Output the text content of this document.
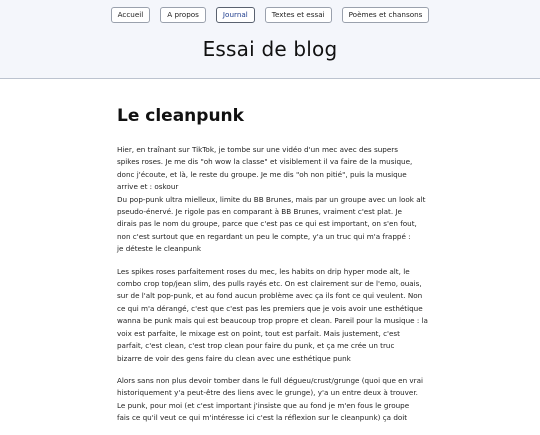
Accueil	A propos	Journal	Textes et essai	Poèmes et chansons
Essai de blog
Le cleanpunk

Hier, en traînant sur TikTok, je tombe sur une vidéo d'un mec avec des supers
spikes roses. Je me dis "oh wow la classe" et visiblement il va faire de la musique,
donc j'écoute, et là, le reste du groupe. Je me dis "oh non pitié", puis la musique
arrive et : oskour
Du pop-punk ultra mielleux, limite du BB Brunes, mais par un groupe avec un look alt
pseudo-énervé. Je rigole pas en comparant à BB Brunes, vraiment c'est plat. Je
dirais pas le nom du groupe, parce que c'est pas ce qui est important, on s'en fout,
non c'est surtout que en regardant un peu le compte, y'a un truc qui m'a frappé :
je déteste le cleanpunk

Les spikes roses parfaitement roses du mec, les habits on drip hyper mode alt, le
combo crop top/jean slim, des pulls rayés etc. On est clairement sur de l'emo, ouais,
sur de l'alt pop-punk, et au fond aucun problème avec ça ils font ce qui veulent. Non
ce qui m'a dérangé, c'est que c'est pas les premiers que je vois avoir une esthétique
wanna be punk mais qui est beaucoup trop propre et clean. Pareil pour la musique : la
voix est parfaite, le mixage est on point, tout est parfait. Mais justement, c'est
parfait, c'est clean, c'est trop clean pour faire du punk, et ça me crée un truc
bizarre de voir des gens faire du clean avec une esthétique punk

Alors sans non plus devoir tomber dans le full dégueu/crust/grunge (quoi que en vrai
historiquement y'a peut-être des liens avec le grunge), y'a un entre deux à trouver.
Le punk, pour moi (et c'est important j'insiste que au fond je m'en fous le groupe
fais ce qu'il veut ce qui m'intéresse ici c'est la réflexion sur le cleanpunk) ça doit
